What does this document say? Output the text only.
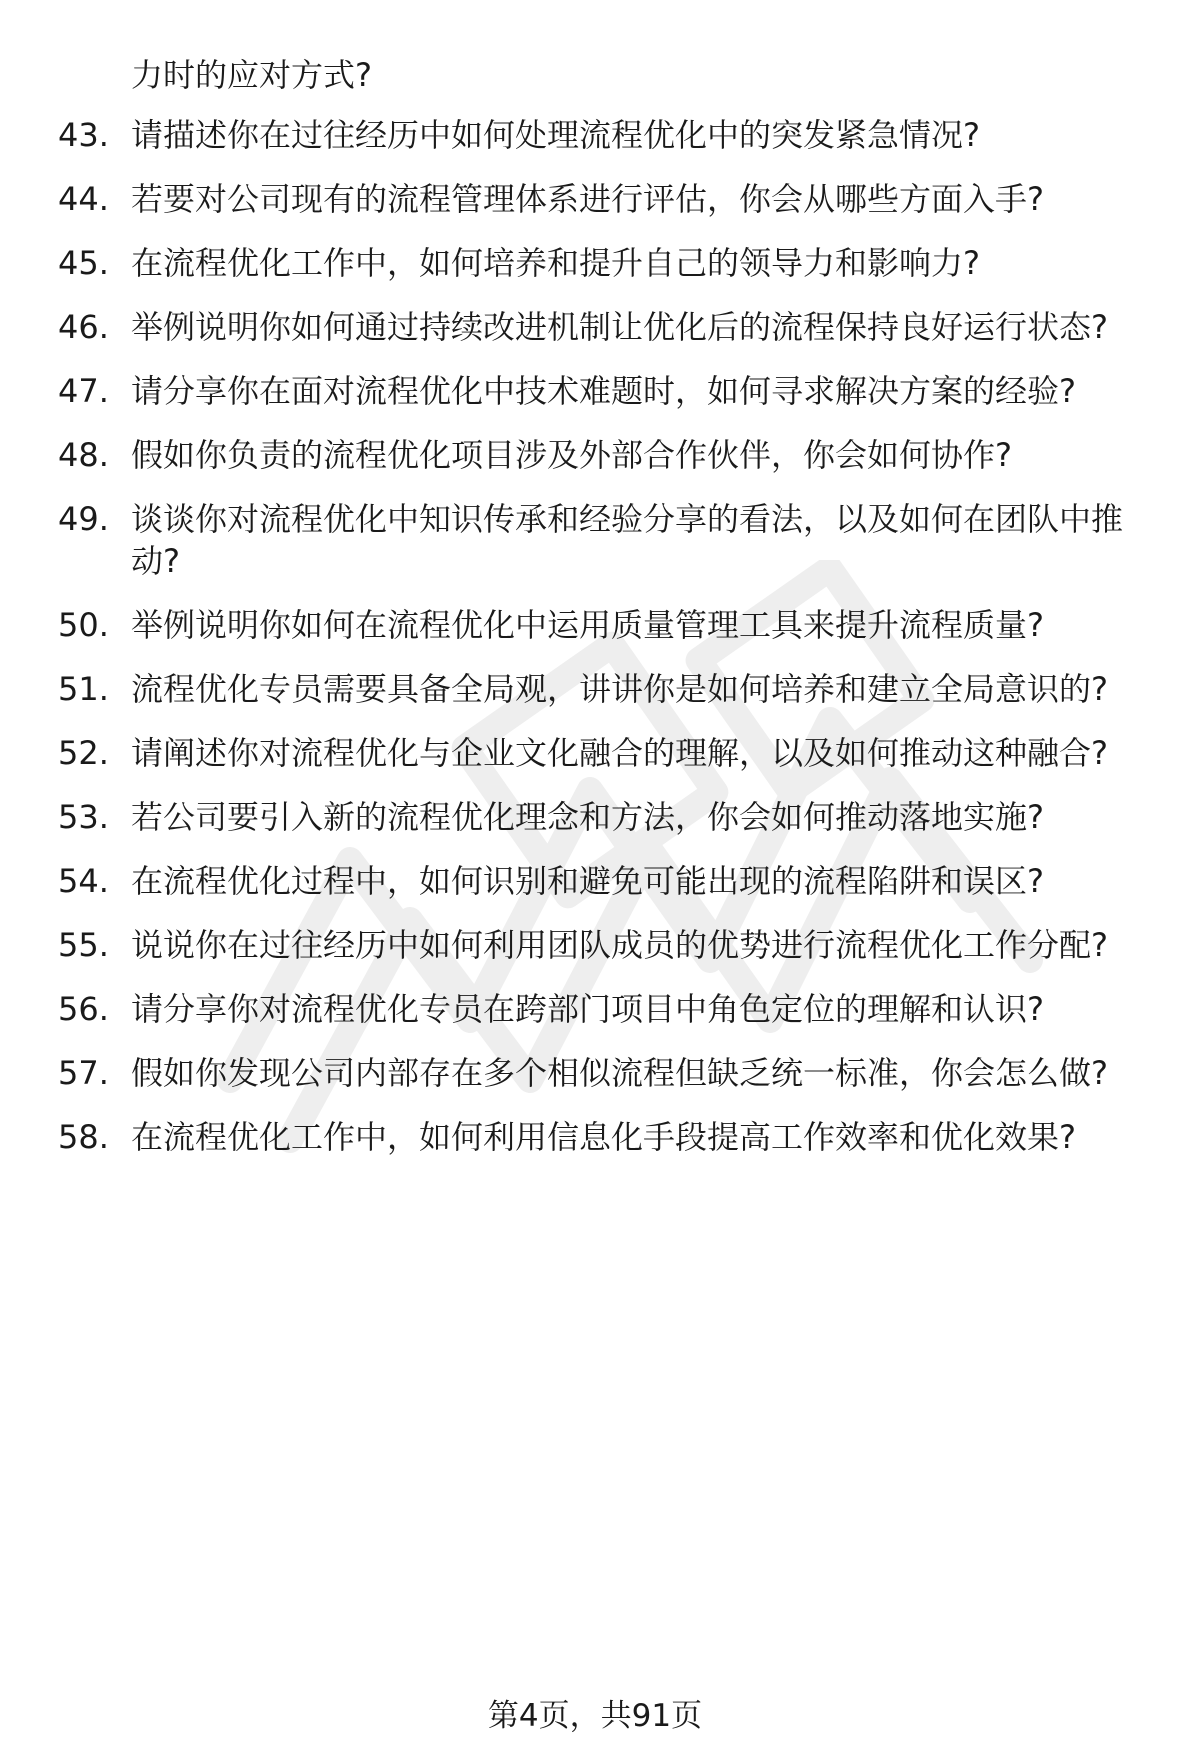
力时的应对方式?
43. 请描述你在过往经历中如何处理流程优化中的突发紧急情况?
44. 若要对公司现有的流程管理体系进行评估，你会从哪些方面入手?
45. 在流程优化工作中，如何培养和提升自己的领导力和影响力?
46. 举例说明你如何通过持续改进机制让优化后的流程保持良好运行状态?
47. 请分享你在面对流程优化中技术难题时，如何寻求解决方案的经验?
48. 假如你负责的流程优化项目涉及外部合作伙伴，你会如何协作?
49. 谈谈你对流程优化中知识传承和经验分享的看法，以及如何在团队中推动?
50. 举例说明你如何在流程优化中运用质量管理工具来提升流程质量?
51. 流程优化专员需要具备全局观，讲讲你是如何培养和建立全局意识的?
52. 请阐述你对流程优化与企业文化融合的理解，以及如何推动这种融合?
53. 若公司要引入新的流程优化理念和方法，你会如何推动落地实施?
54. 在流程优化过程中，如何识别和避免可能出现的流程陷阱和误区?
55. 说说你在过往经历中如何利用团队成员的优势进行流程优化工作分配?
56. 请分享你对流程优化专员在跨部门项目中角色定位的理解和认识?
57. 假如你发现公司内部存在多个相似流程但缺乏统一标准，你会怎么做?
58. 在流程优化工作中，如何利用信息化手段提高工作效率和优化效果?
第4页，共91页
